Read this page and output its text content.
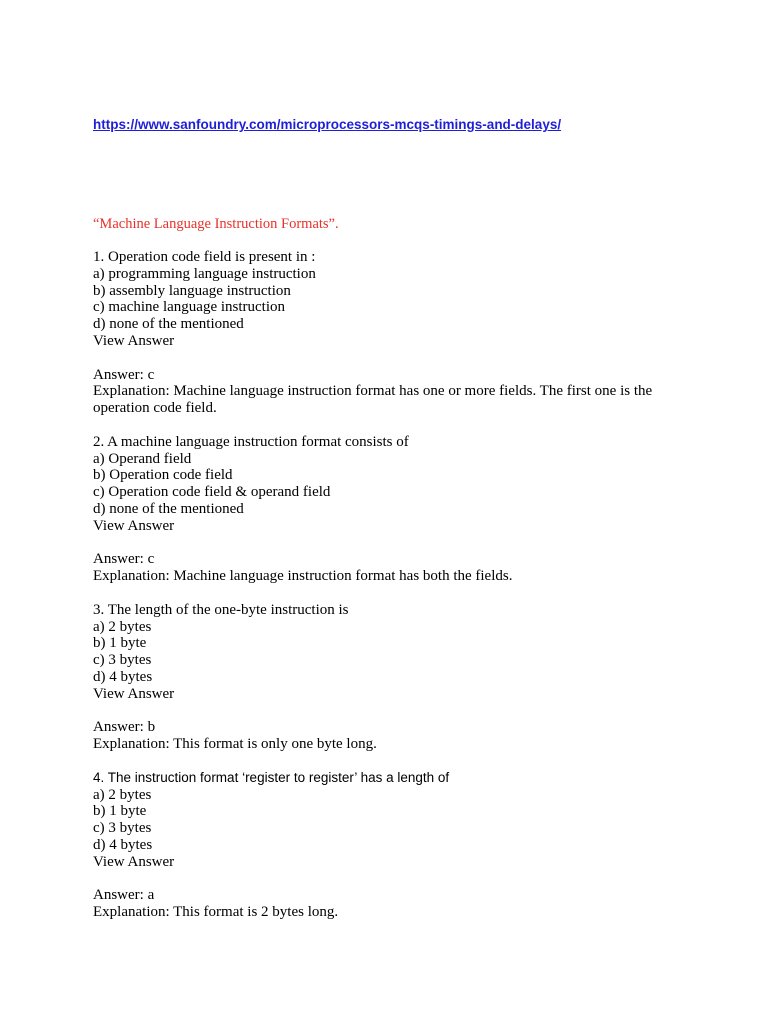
https://www.sanfoundry.com/microprocessors-mcqs-timings-and-delays/
“Machine Language Instruction Formats”.
1. Operation code field is present in :
a) programming language instruction
b) assembly language instruction
c) machine language instruction
d) none of the mentioned
View Answer
Answer: c
Explanation: Machine language instruction format has one or more fields. The first one is the operation code field.
2. A machine language instruction format consists of
a) Operand field
b) Operation code field
c) Operation code field & operand field
d) none of the mentioned
View Answer
Answer: c
Explanation: Machine language instruction format has both the fields.
3. The length of the one-byte instruction is
a) 2 bytes
b) 1 byte
c) 3 bytes
d) 4 bytes
View Answer
Answer: b
Explanation: This format is only one byte long.
4. The instruction format ‘register to register’ has a length of
a) 2 bytes
b) 1 byte
c) 3 bytes
d) 4 bytes
View Answer
Answer: a
Explanation: This format is 2 bytes long.
